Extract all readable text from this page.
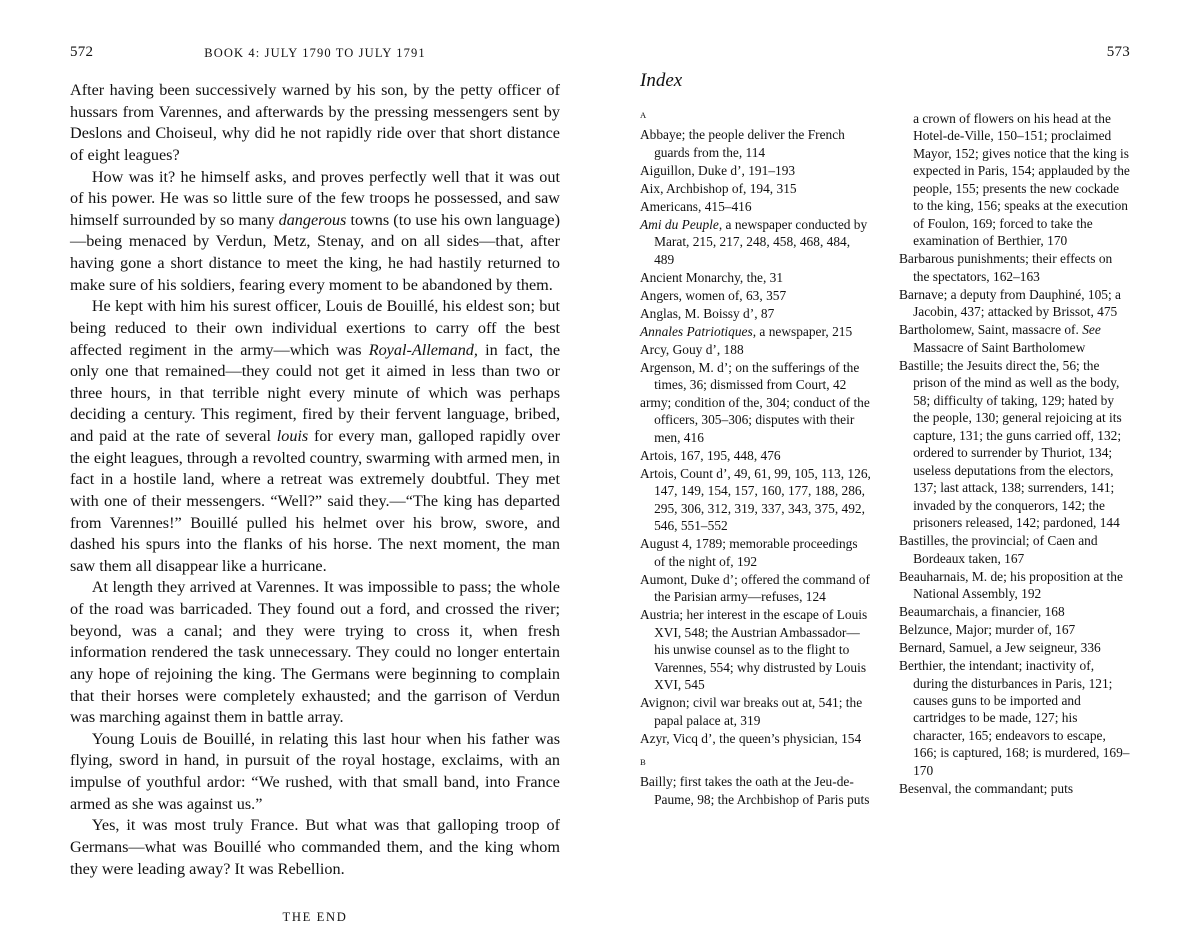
572	BOOK 4: JULY 1790 TO JULY 1791

After having been successively warned by his son, by the petty officer of hussars from Varennes, and afterwards by the pressing messengers sent by Deslons and Choiseul, why did he not rapidly ride over that short distance of eight leagues?

How was it? he himself asks, and proves perfectly well that it was out of his power. He was so little sure of the few troops he possessed, and saw himself surrounded by so many dangerous towns (to use his own language)—being menaced by Verdun, Metz, Stenay, and on all sides—that, after having gone a short distance to meet the king, he had hastily returned to make sure of his soldiers, fearing every moment to be abandoned by them.

He kept with him his surest officer, Louis de Bouillé, his eldest son; but being reduced to their own individual exertions to carry off the best affected regiment in the army—which was Royal-Allemand, in fact, the only one that remained—they could not get it aimed in less than two or three hours, in that terrible night every minute of which was perhaps deciding a century. This regiment, fired by their fervent language, bribed, and paid at the rate of several louis for every man, galloped rapidly over the eight leagues, through a revolted country, swarming with armed men, in fact in a hostile land, where a retreat was extremely doubtful. They met with one of their messengers. “Well?” said they.—“The king has departed from Varennes!” Bouillé pulled his helmet over his brow, swore, and dashed his spurs into the flanks of his horse. The next moment, the man saw them all disappear like a hurricane.

At length they arrived at Varennes. It was impossible to pass; the whole of the road was barricaded. They found out a ford, and crossed the river; beyond, was a canal; and they were trying to cross it, when fresh information rendered the task unnecessary. They could no longer entertain any hope of rejoining the king. The Germans were beginning to complain that their horses were completely exhausted; and the garrison of Verdun was marching against them in battle array.

Young Louis de Bouillé, in relating this last hour when his father was flying, sword in hand, in pursuit of the royal hostage, exclaims, with an impulse of youthful ardor: “We rushed, with that small band, into France armed as she was against us.”

Yes, it was most truly France. But what was that galloping troop of Germans—what was Bouillé who commanded them, and the king whom they were leading away? It was Rebellion.

THE END
573
Index
A
Abbaye; the people deliver the French guards from the, 114
Aiguillon, Duke d’, 191–193
Aix, Archbishop of, 194, 315
Americans, 415–416
Ami du Peuple, a newspaper conducted by Marat, 215, 217, 248, 458, 468, 484, 489
Ancient Monarchy, the, 31
Angers, women of, 63, 357
Anglas, M. Boissy d’, 87
Annales Patriotiques, a newspaper, 215
Arcy, Gouy d’, 188
Argenson, M. d’; on the sufferings of the times, 36; dismissed from Court, 42
army; condition of the, 304; conduct of the officers, 305–306; disputes with their men, 416
Artois, 167, 195, 448, 476
Artois, Count d’, 49, 61, 99, 105, 113, 126, 147, 149, 154, 157, 160, 177, 188, 286, 295, 306, 312, 319, 337, 343, 375, 492, 546, 551–552
August 4, 1789; memorable proceedings of the night of, 192
Aumont, Duke d’; offered the command of the Parisian army—refuses, 124
Austria; her interest in the escape of Louis XVI, 548; the Austrian Ambassador—his unwise counsel as to the flight to Varennes, 554; why distrusted by Louis XVI, 545
Avignon; civil war breaks out at, 541; the papal palace at, 319
Azyr, Vicq d’, the queen’s physician, 154
B
Bailly; first takes the oath at the Jeu-de-Paume, 98; the Archbishop of Paris puts a crown of flowers on his head at the Hotel-de-Ville, 150–151; proclaimed Mayor, 152; gives notice that the king is expected in Paris, 154; applauded by the people, 155; presents the new cockade to the king, 156; speaks at the execution of Foulon, 169; forced to take the examination of Berthier, 170
Barbarous punishments; their effects on the spectators, 162–163
Barnave; a deputy from Dauphiné, 105; a Jacobin, 437; attacked by Brissot, 475
Bartholomew, Saint, massacre of. See Massacre of Saint Bartholomew
Bastille; the Jesuits direct the, 56; the prison of the mind as well as the body, 58; difficulty of taking, 129; hated by the people, 130; general rejoicing at its capture, 131; the guns carried off, 132; ordered to surrender by Thuriot, 134; useless deputations from the electors, 137; last attack, 138; surrenders, 141; invaded by the conquerors, 142; the prisoners released, 142; pardoned, 144
Bastilles, the provincial; of Caen and Bordeaux taken, 167
Beauharnais, M. de; his proposition at the National Assembly, 192
Beaumarchais, a financier, 168
Belzunce, Major; murder of, 167
Bernard, Samuel, a Jew seigneur, 336
Berthier, the intendant; inactivity of, during the disturbances in Paris, 121; causes guns to be imported and cartridges to be made, 127; his character, 165; endeavors to escape, 166; is captured, 168; is murdered, 169–170
Besenval, the commandant; puts
